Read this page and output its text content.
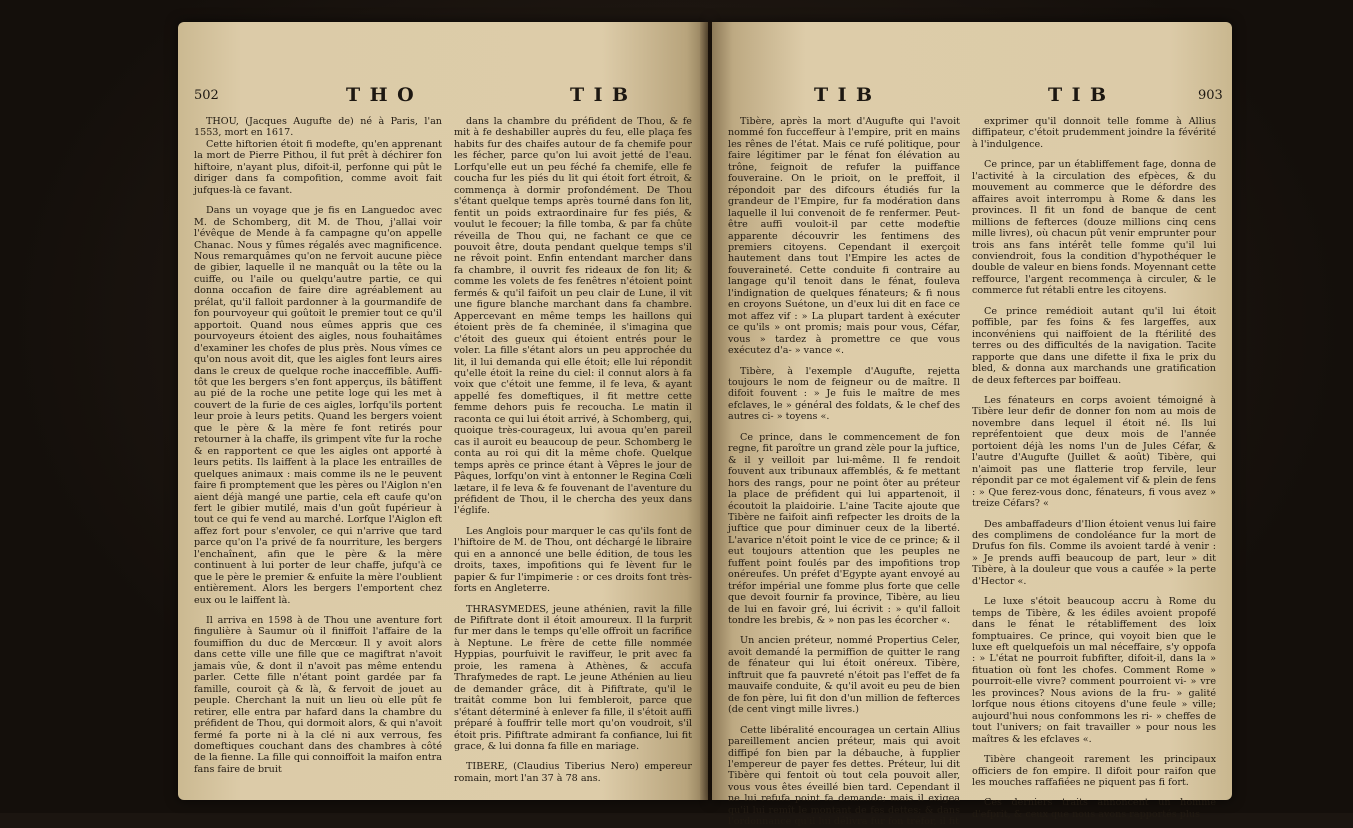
502	THO	TIB

THOU, (Jacques Augufte de) né à Paris, l'an 1553, mort en 1617.

Cette hiftorien étoit fi modefte, qu'en apprenant la mort de Pierre Pithou, il fut prêt à déchirer fon hiftoire, n'ayant plus, difoit-il, perfonne qui pût le diriger dans fa compofition, comme avoit fait jufques-là ce favant.

Dans un voyage que je fis en Languedoc avec M. de Schomberg, dit M. de Thou, j'allai voir l'évêque de Mende à fa campagne qu'on appelle Chanac. Nous y fûmes régalés avec magnificence. Nous remarquâmes qu'on ne fervoit aucune pièce de gibier, laquelle il ne manquât ou la tête ou la cuiffe, ou l'aile ou quelqu'autre partie, ce qui donna occafion de faire dire agréablement au prélat, qu'il falloit pardonner à la gourmandife de fon pourvoyeur qui goûtoit le premier tout ce qu'il apportoit. Quand nous eûmes appris que ces pourvoyeurs étoient des aigles, nous fouhaitâmes d'examiner les chofes de plus près. Nous vîmes ce qu'on nous avoit dit, que les aigles font leurs aires dans le creux de quelque roche inacceffible. Auffi-tôt que les bergers s'en font apperçus, ils bâtiffent au pié de la roche une petite loge qui les met à couvert de la furie de ces aigles, lorfqu'ils portent leur proie à leurs petits. Quand les bergers voient que le père & la mère fe font retirés pour retourner à la chaffe, ils grimpent vîte fur la roche & en rapportent ce que les aigles ont apporté à leurs petits. Ils laiffent à la place les entrailles de quelques animaux : mais comme ils ne le peuvent faire fi promptement que les pères ou l'Aiglon n'en aient déjà mangé une partie, cela eft caufe qu'on fert le gibier mutilé, mais d'un goût fupérieur à tout ce qui fe vend au marché. Lorfque l'Aiglon eft affez fort pour s'envoler, ce qui n'arrive que tard parce qu'on l'a privé de fa nourriture, les bergers l'enchaînent, afin que le père & la mère continuent à lui porter de leur chaffe, jufqu'à ce que le père le premier & enfuite la mère l'oublient entièrement. Alors les bergers l'emportent chez eux ou le laiffent là.

Il arriva en 1598 à de Thou une aventure fort fingulière à Saumur où il finiffoit l'affaire de la foumiffion du duc de Mercœur. Il y avoit alors dans cette ville une fille que ce magiftrat n'avoit jamais vûe, & dont il n'avoit pas même entendu parler. Cette fille n'étant point gardée par fa famille, couroit çà & là, & fervoit de jouet au peuple. Cherchant la nuit un lieu où elle pût fe retirer, elle entra par hafard dans la chambre du préfident de Thou, qui dormoit alors, & qui n'avoit fermé fa porte ni à la clé ni aux verrous, fes domeftiques couchant dans des chambres à côté de la fienne. La fille qui connoiffoit la maifon entra fans faire de bruit

dans la chambre du préfident de Thou, & fe mit à fe deshabiller auprès du feu, elle plaça fes habits fur des chaifes autour de fa chemife pour les fécher, parce qu'on lui avoit jetté de l'eau. Lorfqu'elle eut un peu féché fa chemife, elle fe coucha fur les piés du lit qui étoit fort étroit, & commença à dormir profondément. De Thou s'étant quelque temps après tourné dans fon lit, fentit un poids extraordinaire fur fes piés, & voulut le fecouer; la fille tomba, & par fa chûte réveilla de Thou qui, ne fachant ce que ce pouvoit être, douta pendant quelque temps s'il ne rêvoit point. Enfin entendant marcher dans fa chambre, il ouvrit fes rideaux de fon lit; & comme les volets de fes fenêtres n'étoient point fermés & qu'il faifoit un peu clair de Lune, il vit une figure blanche marchant dans fa chambre. Appercevant en même temps les haillons qui étoient près de fa cheminée, il s'imagina que c'étoit des gueux qui étoient entrés pour le voler. La fille s'étant alors un peu approchée du lit, il lui demanda qui elle étoit; elle lui répondit qu'elle étoit la reine du ciel: il connut alors à fa voix que c'étoit une femme, il fe leva, & ayant appellé fes domeftiques, il fit mettre cette femme dehors puis fe recoucha. Le matin il raconta ce qui lui étoit arrivé, à Schomberg, qui, quoique très-courageux, lui avoua qu'en pareil cas il auroit eu beaucoup de peur. Schomberg le conta au roi qui dit la même chofe. Quelque temps après ce prince étant à Vêpres le jour de Pâques, lorfqu'on vint à entonner le Regina Cœli lætare, il fe leva & fe fouvenant de l'aventure du préfident de Thou, il le chercha des yeux dans l'églife.

Les Anglois pour marquer le cas qu'ils font de l'hiftoire de M. de Thou, ont déchargé le libraire qui en a annoncé une belle édition, de tous les droits, taxes, impofitions qui fe lèvent fur le papier & fur l'impimerie : or ces droits font très-forts en Angleterre.

THRASYMEDES, jeune athénien, ravit la fille de Pififtrate dont il étoit amoureux. Il la furprit fur mer dans le temps qu'elle offroit un facrifice à Neptune. Le frère de cette fille nommée Hyppias, pourfuivit le raviffeur, le prit avec fa proie, les ramena à Athènes, & accufa Thrafymedes de rapt. Le jeune Athénien au lieu de demander grâce, dit à Pififtrate, qu'il le traitât comme bon lui fembleroit, parce que s'étant déterminé à enlever fa fille, il s'étoit auffi préparé à fouffrir telle mort qu'on voudroit, s'il étoit pris. Pififtrate admirant fa confiance, lui fit grace, & lui donna fa fille en mariage.

TIBERE, (Claudius Tiberius Nero) empereur romain, mort l'an 37 à 78 ans.

TIB	TIB	903

Tibère, après la mort d'Augufte qui l'avoit nommé fon fucceffeur à l'empire, prit en mains les rênes de l'état. Mais ce rufé politique, pour faire légitimer par le fénat fon élévation au trône, feignoit de refufer la puiffance fouveraine. On le prioit, on le preffoit, il répondoit par des difcours étudiés fur la grandeur de l'Empire, fur fa modération dans laquelle il lui convenoit de fe renfermer. Peut-être auffi vouloit-il par cette modeftie apparente découvrir les fentimens des premiers citoyens. Cependant il exerçoit hautement dans tout l'Empire les actes de fouveraineté. Cette conduite fi contraire au langage qu'il tenoit dans le fénat, fouleva l'indignation de quelques fénateurs; & fi nous en croyons Suétone, un d'eux lui dit en face ce mot affez vif : » La plupart tardent à exécuter ce qu'ils » ont promis; mais pour vous, Céfar, vous » tardez à promettre ce que vous exécutez d'a- » vance «.

Tibère, à l'exemple d'Augufte, rejetta toujours le nom de feigneur ou de maître. Il difoit fouvent : » Je fuis le maître de mes efclaves, le » général des foldats, & le chef des autres ci- » toyens «.

Ce prince, dans le commencement de fon regne, fit paroître un grand zèle pour la juftice, & il y veilloit par lui-même. Il fe rendoit fouvent aux tribunaux affemblés, & fe mettant hors des rangs, pour ne point ôter au préteur la place de préfident qui lui appartenoit, il écoutoit la plaidoirie. L'aine Tacite ajoute que Tibère ne faifoit ainfi refpecter les droits de la juftice que pour diminuer ceux de la liberté. L'avarice n'étoit point le vice de ce prince; & il eut toujours attention que les peuples ne fuffent point foulés par des impofitions trop onéreufes. Un préfet d'Egypte ayant envoyé au tréfor impérial une fomme plus forte que celle que devoit fournir fa province, Tibère, au lieu de lui en favoir gré, lui écrivit : » qu'il falloit tondre les brebis, & » non pas les écorcher «.

Un ancien préteur, nommé Propertius Celer, avoit demandé la permiffion de quitter le rang de fénateur qui lui étoit onéreux. Tibère, inftruit que fa pauvreté n'étoit pas l'effet de fa mauvaife conduite, & qu'il avoit eu peu de bien de fon père, lui fit don d'un million de fefterces (de cent vingt mille livres.)

Cette libéralité encouragea un certain Allius pareillement ancien préteur, mais qui avoit diffipé fon bien par la débauche, à fupplier l'empereur de payer fes dettes. Préteur, lui dit Tibère qui fentoit où tout cela pouvoit aller, vous vous êtes éveillé bien tard. Cependant il ne lui refufa point fa demande; mais il exigea qu'il lui remît le montant de fes dettes; & dans l'ordonnance qu'il lui délivra fur fon tréfor, il fit

exprimer qu'il donnoit telle fomme à Allius diffipateur, c'étoit prudemment joindre la févérité à l'indulgence.

Ce prince, par un établiffement fage, donna de l'activité à la circulation des efpèces, & du mouvement au commerce que le défordre des affaires avoit interrompu à Rome & dans les provinces. Il fit un fond de banque de cent millions de fefterces (douze millions cinq cens mille livres), où chacun pût venir emprunter pour trois ans fans intérêt telle fomme qu'il lui conviendroit, fous la condition d'hypothéquer le double de valeur en biens fonds. Moyennant cette reffource, l'argent recommença à circuler, & le commerce fut rétabli entre les citoyens.

Ce prince remédioit autant qu'il lui étoit poffible, par fes foins & fes largeffes, aux inconvéniens qui naiffoient de la ftérilité des terres ou des difficultés de la navigation. Tacite rapporte que dans une difette il fixa le prix du bled, & donna aux marchands une gratification de deux fefterces par boiffeau.

Les fénateurs en corps avoient témoigné à Tibère leur defir de donner fon nom au mois de novembre dans lequel il étoit né. Ils lui repréfentoient que deux mois de l'année portoient déjà les noms l'un de Jules Céfar, & l'autre d'Augufte (Juillet & août) Tibère, qui n'aimoit pas une flatterie trop fervile, leur répondit par ce mot également vif & plein de fens : » Que ferez-vous donc, fénateurs, fi vous avez » treize Céfars? «

Des ambaffadeurs d'Ilion étoient venus lui faire des complimens de condoléance fur la mort de Drufus fon fils. Comme ils avoient tardé à venir : » Je prends auffi beaucoup de part, leur » dit Tibère, à la douleur que vous a caufée » la perte d'Hector «.

Le luxe s'étoit beaucoup accru à Rome du temps de Tibère, & les édiles avoient propofé dans le fénat le rétabliffement des loix fomptuaires. Ce prince, qui voyoit bien que le luxe eft quelquefois un mal néceffaire, s'y oppofa : » L'état ne pourroit fubfifter, difoit-il, dans la » fituation où font les chofes. Comment Rome » pourroit-elle vivre? comment pourroient vi- » vre les provinces? Nous avions de la fru- » galité lorfque nous étions citoyens d'une feule » ville; aujourd'hui nous confommons les ri- » cheffes de tout l'univers; on fait travailler » pour nous les maîtres & les efclaves «.

Tibère changeoit rarement les principaux officiers de fon empire. Il difoit pour raifon que les mouches raffafiées ne piquent pas fi fort.

Ces derniers traits annoncent un homme d'efprit, & ceux que nous avons rapportés plus
